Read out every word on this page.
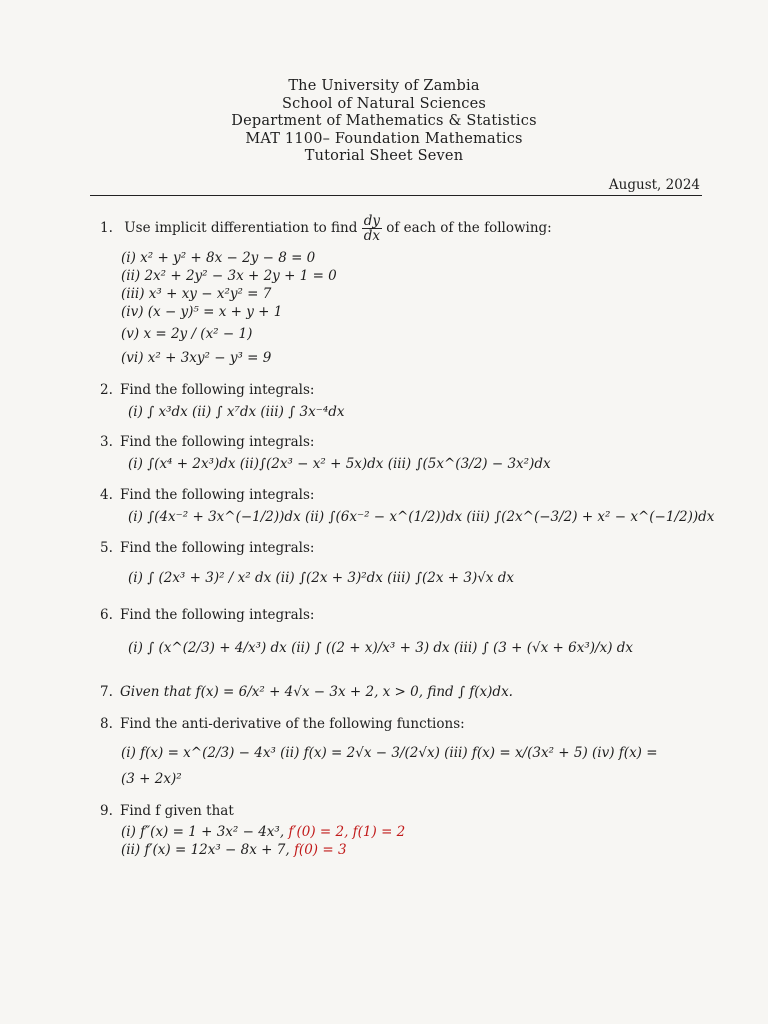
The University of Zambia
School of Natural Sciences
Department of Mathematics & Statistics
MAT 1100– Foundation Mathematics
Tutorial Sheet Seven
August, 2024
1. Use implicit differentiation to find $\frac{dy}{dx}$ of each of the following:
(i) x² + y² + 8x − 2y − 8 = 0
(ii) 2x² + 2y² − 3x + 2y + 1 = 0
(iii) x³ + xy − x²y² = 7
(iv) (x − y)⁵ = x + y + 1
(v) x = 2y / (x² − 1)
(vi) x² + 3xy² − y³ = 9
2. Find the following integrals:
(i) ∫ x³dx (ii) ∫ x⁷dx (iii) ∫ 3x⁻⁴dx
3. Find the following integrals:
(i) ∫(x⁴ + 2x³)dx (ii)∫(2x³ − x² + 5x)dx (iii) ∫(5x^(3/2) − 3x²)dx
4. Find the following integrals:
(i) ∫(4x⁻² + 3x^(−1/2))dx (ii) ∫(6x⁻² − x^(1/2))dx (iii) ∫(2x^(−3/2) + x² − x^(−1/2))dx
5. Find the following integrals:
(i) ∫ (2x³ + 3)² / x² dx (ii) ∫(2x + 3)²dx (iii) ∫(2x + 3)√x dx
6. Find the following integrals:
(i) ∫ (x^(2/3) + 4/x³) dx (ii) ∫ ((2 + x)/x³ + 3) dx (iii) ∫ (3 + (√x + 6x³)/x) dx
7. Given that f(x) = 6/x² + 4√x − 3x + 2, x > 0, find ∫ f(x)dx.
8. Find the anti-derivative of the following functions:
(i) f(x) = x^(2/3) − 4x³ (ii) f(x) = 2√x − 3/(2√x) (iii) f(x) = x/(3x² + 5) (iv) f(x) =
(3 + 2x)²
9. Find f given that
(i) f″(x) = 1 + 3x² − 4x³, f′(0) = 2, f(1) = 2
(ii) f′(x) = 12x³ − 8x + 7, f(0) = 3
